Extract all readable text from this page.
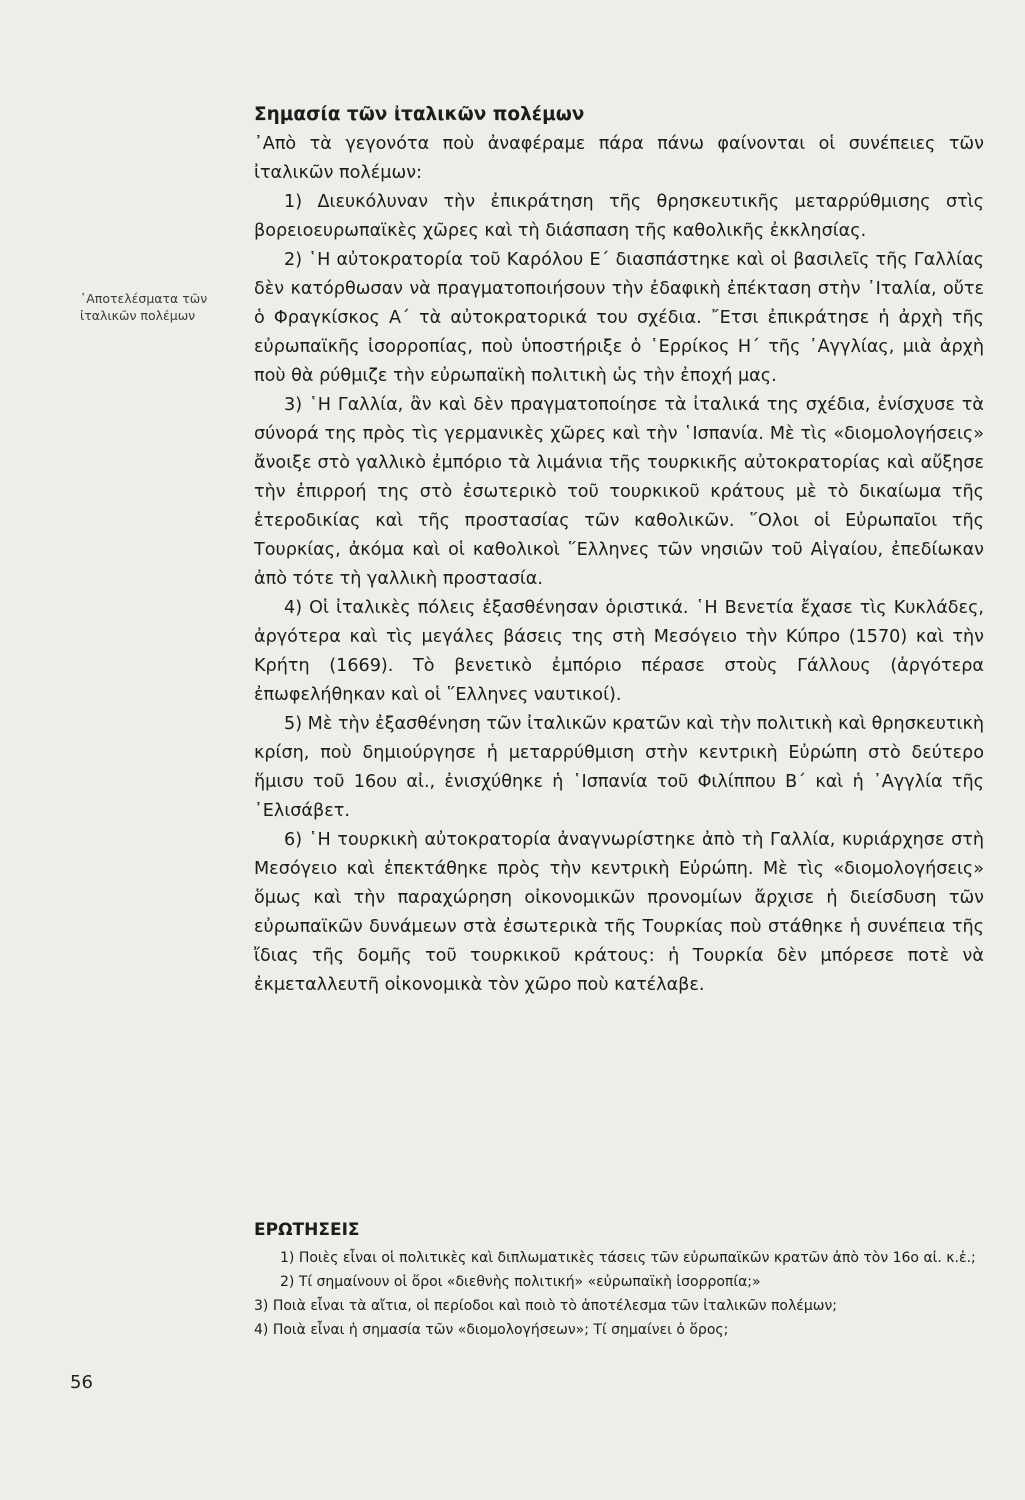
᾿Αποτελέσματα τῶν ἰταλικῶν πολέμων

Σημασία τῶν ἰταλικῶν πολέμων

᾿Απὸ τὰ γεγονότα ποὺ ἀναφέραμε πάρα πάνω φαίνονται οἱ συνέπειες τῶν ἰταλικῶν πολέμων:

1) Διευκόλυναν τὴν ἐπικράτηση τῆς θρησκευτικῆς μεταρρύθμισης στὶς βορειοευρωπαϊκὲς χῶρες καὶ τὴ διάσπαση τῆς καθολικῆς ἐκκλησίας.

2) ῾Η αὐτοκρατορία τοῦ Καρόλου Ε΄ διασπάστηκε καὶ οἱ βασιλεῖς τῆς Γαλλίας δὲν κατόρθωσαν νὰ πραγματοποιήσουν τὴν ἐδαφικὴ ἐπέκταση στὴν ᾿Ιταλία, οὔτε ὁ Φραγκίσκος Α΄ τὰ αὐτοκρατορικά του σχέδια. ῎Ετσι ἐπικράτησε ἡ ἀρχὴ τῆς εὐρωπαϊκῆς ἰσορροπίας, ποὺ ὑποστήριξε ὁ ῾Ερρίκος Η΄ τῆς ᾿Αγγλίας, μιὰ ἀρχὴ ποὺ θὰ ρύθμιζε τὴν εὐρωπαϊκὴ πολιτικὴ ὡς τὴν ἐποχή μας.

3) ῾Η Γαλλία, ἂν καὶ δὲν πραγματοποίησε τὰ ἰταλικά της σχέδια, ἐνίσχυσε τὰ σύνορά της πρὸς τὶς γερμανικὲς χῶρες καὶ τὴν ῾Ισπανία. Μὲ τὶς «διομολογήσεις» ἄνοιξε στὸ γαλλικὸ ἐμπόριο τὰ λιμάνια τῆς τουρκικῆς αὐτοκρατορίας καὶ αὔξησε τὴν ἐπιρροή της στὸ ἐσωτερικὸ τοῦ τουρκικοῦ κράτους μὲ τὸ δικαίωμα τῆς ἑτεροδικίας καὶ τῆς προστασίας τῶν καθολικῶν. ῞Ολοι οἱ Εὐρωπαῖοι τῆς Τουρκίας, ἀκόμα καὶ οἱ καθολικοὶ ῞Ελληνες τῶν νησιῶν τοῦ Αἰγαίου, ἐπεδίωκαν ἀπὸ τότε τὴ γαλλικὴ προστασία.

4) Οἱ ἰταλικὲς πόλεις ἐξασθένησαν ὁριστικά. ῾Η Βενετία ἔχασε τὶς Κυκλάδες, ἀργότερα καὶ τὶς μεγάλες βάσεις της στὴ Μεσόγειο τὴν Κύπρο (1570) καὶ τὴν Κρήτη (1669). Τὸ βενετικὸ ἐμπόριο πέρασε στοὺς Γάλλους (ἀργότερα ἐπωφελήθηκαν καὶ οἱ ῞Ελληνες ναυτικοί).

5) Μὲ τὴν ἐξασθένηση τῶν ἰταλικῶν κρατῶν καὶ τὴν πολιτικὴ καὶ θρησκευτικὴ κρίση, ποὺ δημιούργησε ἡ μεταρρύθμιση στὴν κεντρικὴ Εὐρώπη στὸ δεύτερο ἥμισυ τοῦ 16ου αἰ., ἐνισχύθηκε ἡ ῾Ισπανία τοῦ Φιλίππου Β΄ καὶ ἡ ᾿Αγγλία τῆς ᾿Ελισάβετ.

6) ῾Η τουρκικὴ αὐτοκρατορία ἀναγνωρίστηκε ἀπὸ τὴ Γαλλία, κυριάρχησε στὴ Μεσόγειο καὶ ἐπεκτάθηκε πρὸς τὴν κεντρικὴ Εὐρώπη. Μὲ τὶς «διομολογήσεις» ὅμως καὶ τὴν παραχώρηση οἰκονομικῶν προνομίων ἄρχισε ἡ διείσδυση τῶν εὐρωπαϊκῶν δυνάμεων στὰ ἐσωτερικὰ τῆς Τουρκίας ποὺ στάθηκε ἡ συνέπεια τῆς ἴδιας τῆς δομῆς τοῦ τουρκικοῦ κράτους: ἡ Τουρκία δὲν μπόρεσε ποτὲ νὰ ἐκμεταλλευτῆ οἰκονομικὰ τὸν χῶρο ποὺ κατέλαβε.

ΕΡΩΤΗΣΕΙΣ

1) Ποιὲς εἶναι οἱ πολιτικὲς καὶ διπλωματικὲς τάσεις τῶν εὐρωπαϊκῶν κρατῶν ἀπὸ τὸν 16ο αἰ. κ.ἑ.;

2) Τί σημαίνουν οἱ ὅροι «διεθνὴς πολιτική» «εὐρωπαϊκὴ ἰσορροπία;»

3) Ποιὰ εἶναι τὰ αἴτια, οἱ περίοδοι καὶ ποιὸ τὸ ἀποτέλεσμα τῶν ἰταλικῶν πολέμων;

4) Ποιὰ εἶναι ἡ σημασία τῶν «διομολογήσεων»; Τί σημαίνει ὁ ὅρος;

56
